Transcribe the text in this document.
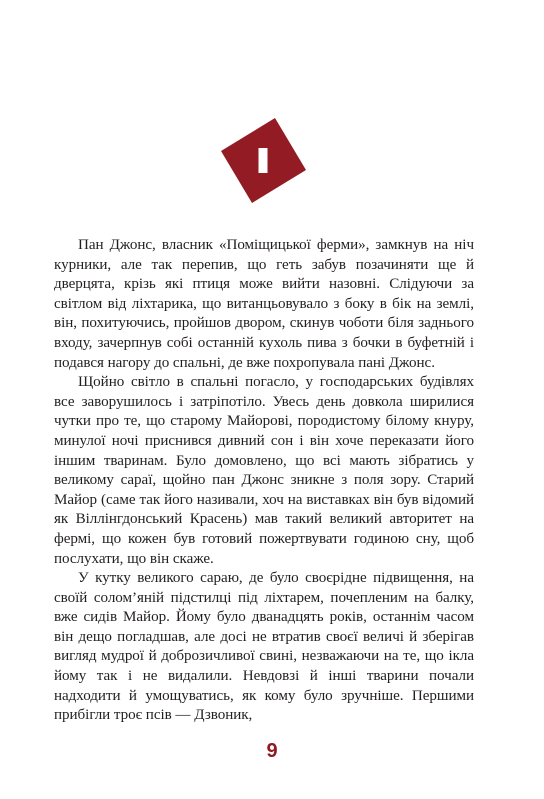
Пан Джонс, власник «Поміщицької ферми», замкнув на ніч курники, але так перепив, що геть забув позачиняти ще й дверцята, крізь які птиця може вийти назовні. Слідуючи за світлом від ліхтарика, що витанцьовувало з боку в бік на землі, він, похитуючись, пройшов двором, скинув чоботи біля заднього входу, зачерпнув собі останній кухоль пива з бочки в буфетній і подався нагору до спальні, де вже похропувала пані Джонс.

Щойно світло в спальні погасло, у господарських будівлях все заворушилось і затріпотіло. Увесь день довкола ширилися чутки про те, що старому Майорові, породистому білому кнуру, минулої ночі приснився дивний сон і він хоче переказати його іншим тваринам. Було домовлено, що всі мають зібратись у великому сараї, щойно пан Джонс зникне з поля зору. Старий Майор (саме так його називали, хоч на виставках він був відомий як Віллінгдонський Красень) мав такий великий авторитет на фермі, що кожен був готовий пожертвувати годиною сну, щоб послухати, що він скаже.

У кутку великого сараю, де було своєрідне підвищення, на своїй солом’яній підстилці під ліхтарем, почепленим на балку, вже сидів Майор. Йому було дванадцять років, останнім часом він дещо погладшав, але досі не втратив своєї величі й зберігав вигляд мудрої й доброзичливої свині, незважаючи на те, що ікла йому так і не видалили. Невдовзі й інші тварини почали надходити й умощуватись, як кому було зручніше. Першими прибігли троє псів — Дзвоник,

9
